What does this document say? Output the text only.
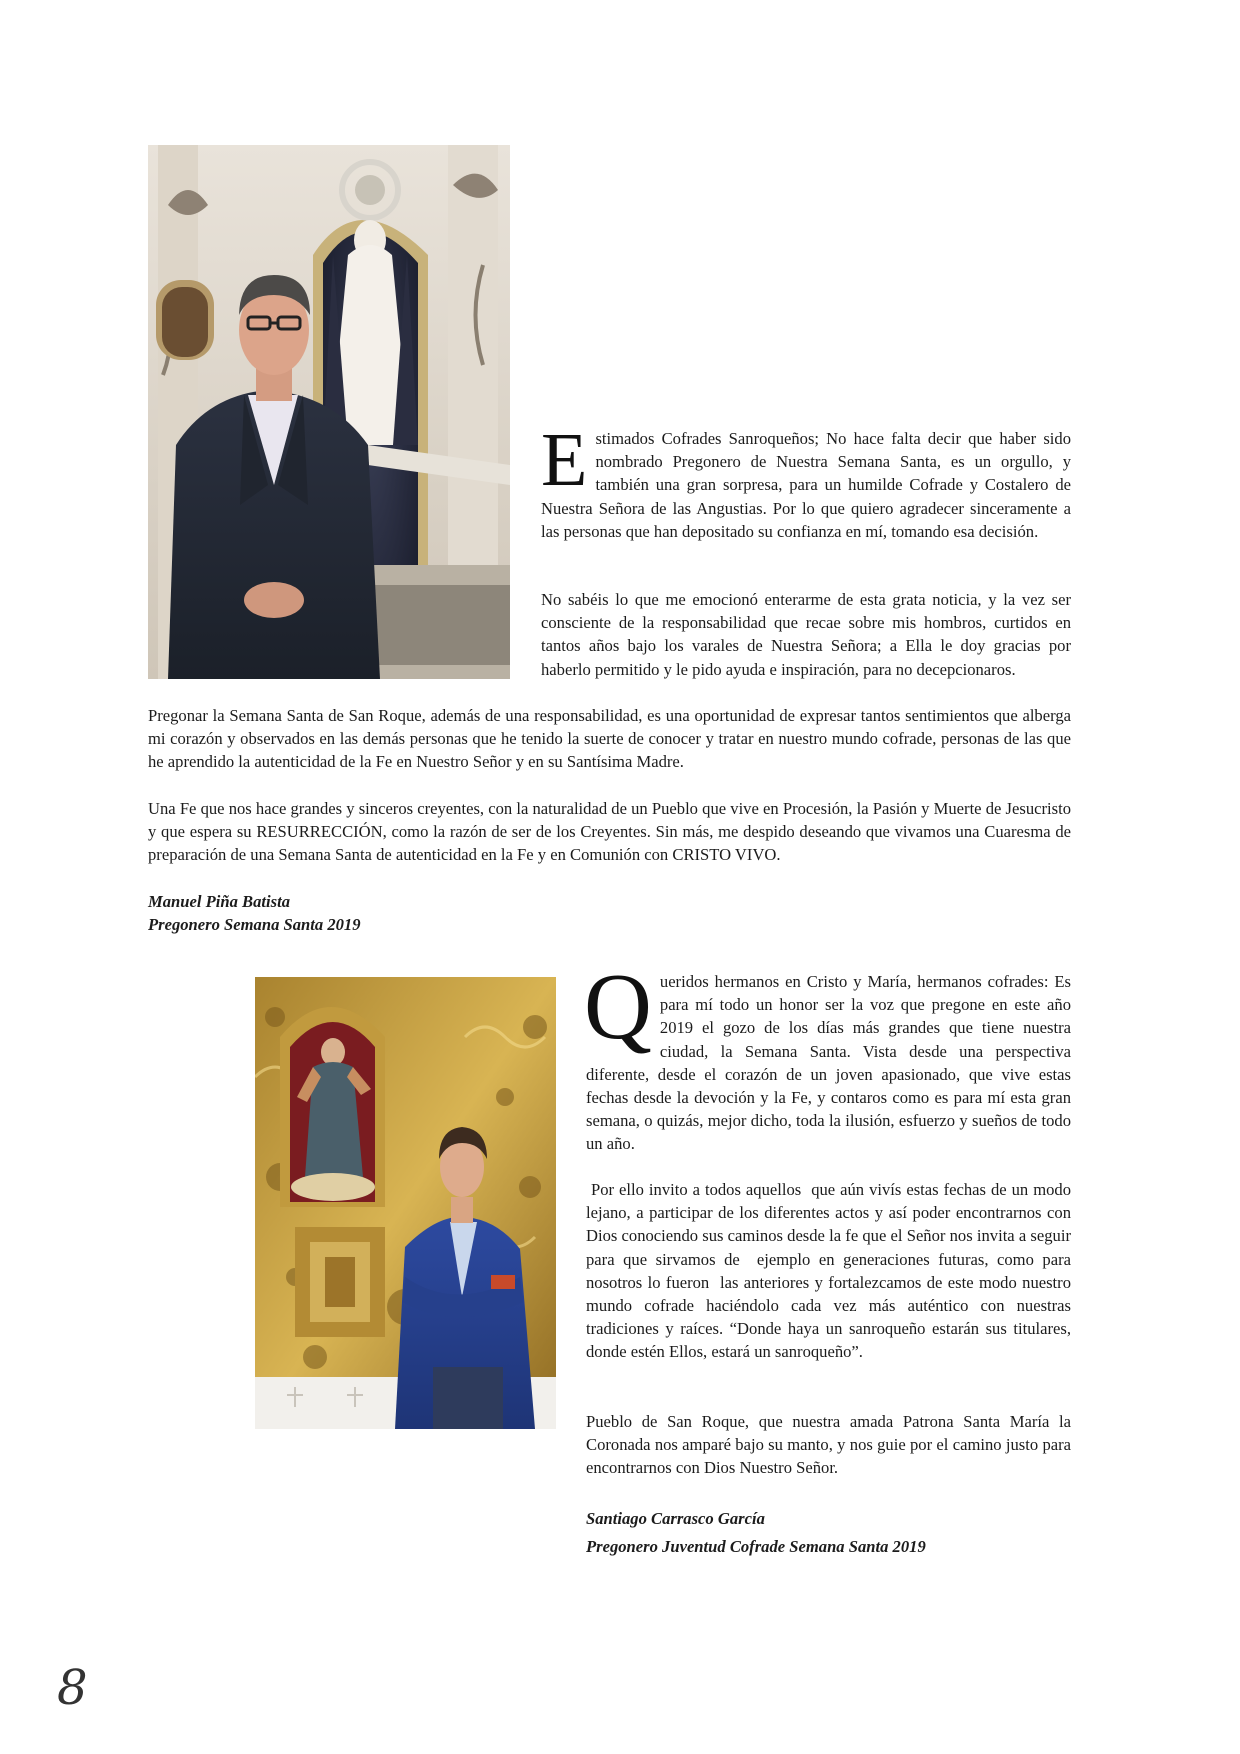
Estimados Cofrades Sanroqueños; No hace falta decir que haber sido nombrado Pregonero de Nuestra Semana Santa, es un orgullo, y también una gran sorpresa, para un humilde Cofrade y Costalero de Nuestra Señora de las Angustias. Por lo que quiero agradecer sinceramente a las personas que han depositado su confianza en mí, tomando esa decisión.

No sabéis lo que me emocionó enterarme de esta grata noticia, y la vez ser consciente de la responsabilidad que recae sobre mis hombros, curtidos en tantos años bajo los varales de Nuestra Señora; a Ella le doy gracias por haberlo permitido y le pido ayuda e inspiración, para no decepcionaros.

Pregonar la Semana Santa de San Roque, además de una responsabilidad, es una oportunidad de expresar tantos sentimientos que alberga mi corazón y observados en las demás personas que he tenido la suerte de conocer y tratar en nuestro mundo cofrade, personas de las que he aprendido la autenticidad de la Fe en Nuestro Señor y en su Santísima Madre.

Una Fe que nos hace grandes y sinceros creyentes, con la naturalidad de un Pueblo que vive en Procesión, la Pasión y Muerte de Jesucristo y que espera su RESURRECCIÓN, como la razón de ser de los Creyentes. Sin más, me despido deseando que vivamos una Cuaresma de preparación de una Semana Santa de autenticidad en la Fe y en Comunión con CRISTO VIVO.

Manuel Piña Batista

Pregonero Semana Santa 2019

Queridos hermanos en Cristo y María, hermanos cofrades: Es para mí todo un honor ser la voz que pregone en este año 2019 el gozo de los días más grandes que tiene nuestra ciudad, la Semana Santa. Vista desde una perspectiva diferente, desde el corazón de un joven apasionado, que vive estas fechas desde la devoción y la Fe, y contaros como es para mí esta gran semana, o quizás, mejor dicho, toda la ilusión, esfuerzo y sueños de todo un año.

Por ello invito a todos aquellos  que aún vivís estas fechas de un modo lejano, a participar de los diferentes actos y así poder encontrarnos con Dios conociendo sus caminos desde la fe que el Señor nos invita a seguir para que sirvamos de  ejemplo en generaciones futuras, como para nosotros lo fueron  las anteriores y fortalezcamos de este modo nuestro mundo cofrade haciéndolo cada vez más auténtico con nuestras tradiciones y raíces. “Donde haya un sanroqueño estarán sus titulares, donde estén Ellos, estará un sanroqueño”.

Pueblo de San Roque, que nuestra amada Patrona Santa María la Coronada nos amparé bajo su manto, y nos guie por el camino justo para encontrarnos con Dios Nuestro Señor.

Santiago Carrasco García

Pregonero Juventud Cofrade Semana Santa 2019

8
